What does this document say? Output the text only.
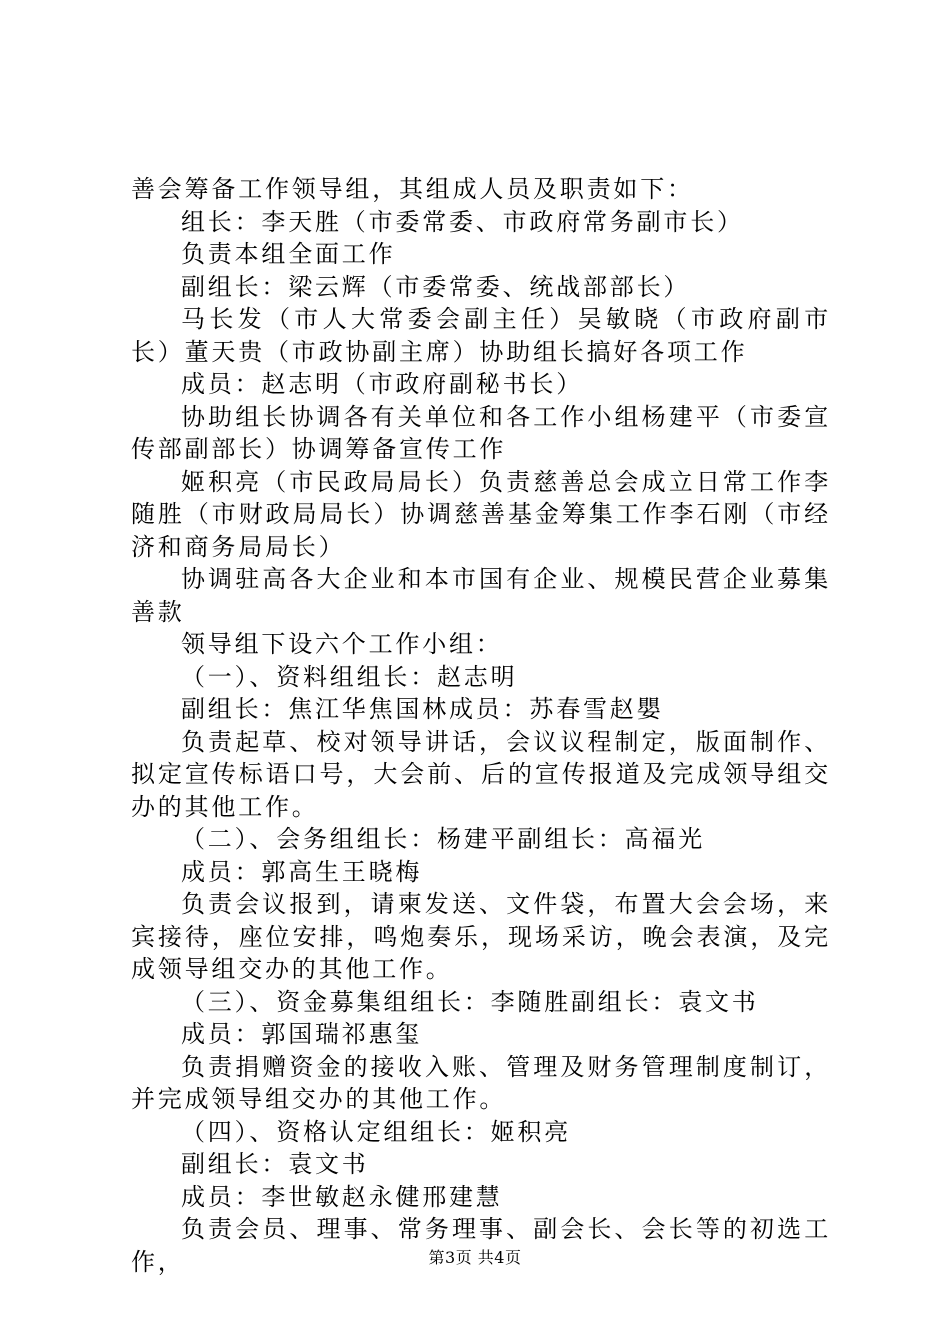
善会筹备工作领导组，其组成人员及职责如下：

组长：李天胜（市委常委、市政府常务副市长）

负责本组全面工作

副组长：梁云辉（市委常委、统战部部长）

马长发（市人大常委会副主任）吴敏晓（市政府副市长）董天贵（市政协副主席）协助组长搞好各项工作

成员：赵志明（市政府副秘书长）

协助组长协调各有关单位和各工作小组杨建平（市委宣传部副部长）协调筹备宣传工作

姬积亮（市民政局局长）负责慈善总会成立日常工作李随胜（市财政局局长）协调慈善基金筹集工作李石刚（市经济和商务局局长）

协调驻高各大企业和本市国有企业、规模民营企业募集善款

领导组下设六个工作小组：

（一）、资料组组长：赵志明

副组长：焦江华焦国林成员：苏春雪赵嬰

负责起草、校对领导讲话，会议议程制定，版面制作、拟定宣传标语口号，大会前、后的宣传报道及完成领导组交办的其他工作。

（二）、会务组组长：杨建平副组长：高福光

成员：郭高生王晓梅

负责会议报到，请柬发送、文件袋，布置大会会场，来宾接待，座位安排，鸣炮奏乐，现场采访，晚会表演，及完成领导组交办的其他工作。

（三）、资金募集组组长：李随胜副组长：袁文书

成员：郭国瑞祁惠玺

负责捐赠资金的接收入账、管理及财务管理制度制订，并完成领导组交办的其他工作。

（四）、资格认定组组长：姬积亮

副组长：袁文书

成员：李世敏赵永健邢建慧

负责会员、理事、常务理事、副会长、会长等的初选工作，	第3页 共4页
